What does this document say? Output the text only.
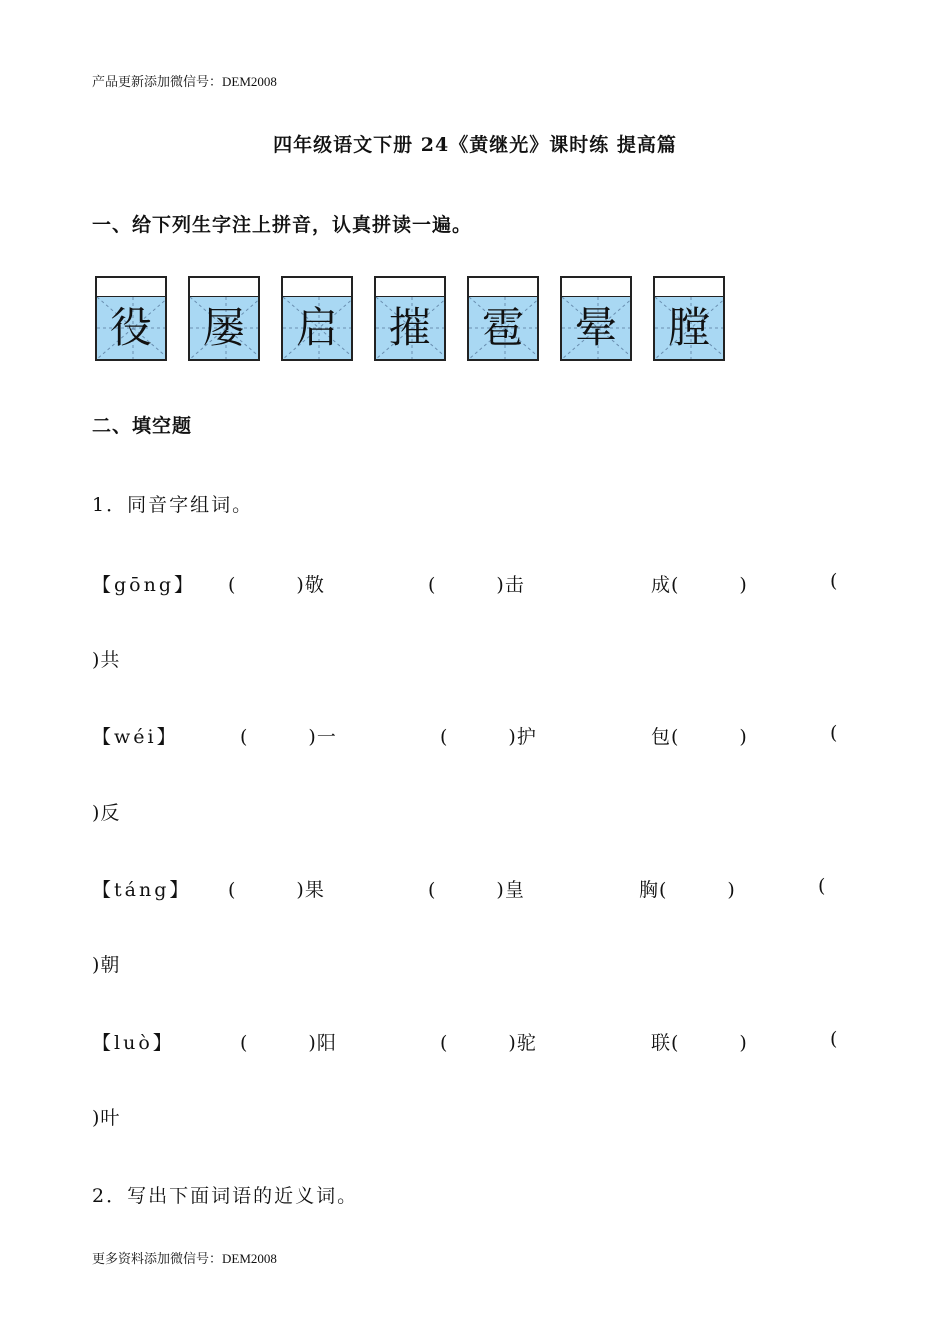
产品更新添加微信号：DEM2008
四年级语文下册 24《黄继光》课时练 提高篇
一、给下列生字注上拼音，认真拼读一遍。
役	屡	启	摧	雹	晕	膛
二、填空题
1．同音字组词。
【gōng】 (　　　)敬	(　　　)击	成(　　　)	(
)共
【wéi】	(　　　)一	(　　　)护	包(　　　)	(
)反
【táng】 (　　　)果	(　　　)皇	胸(　　　)	(
)朝
【luò】	(　　　)阳	(　　　)驼	联(　　　)	(
)叶
2．写出下面词语的近义词。
更多资料添加微信号：DEM2008
